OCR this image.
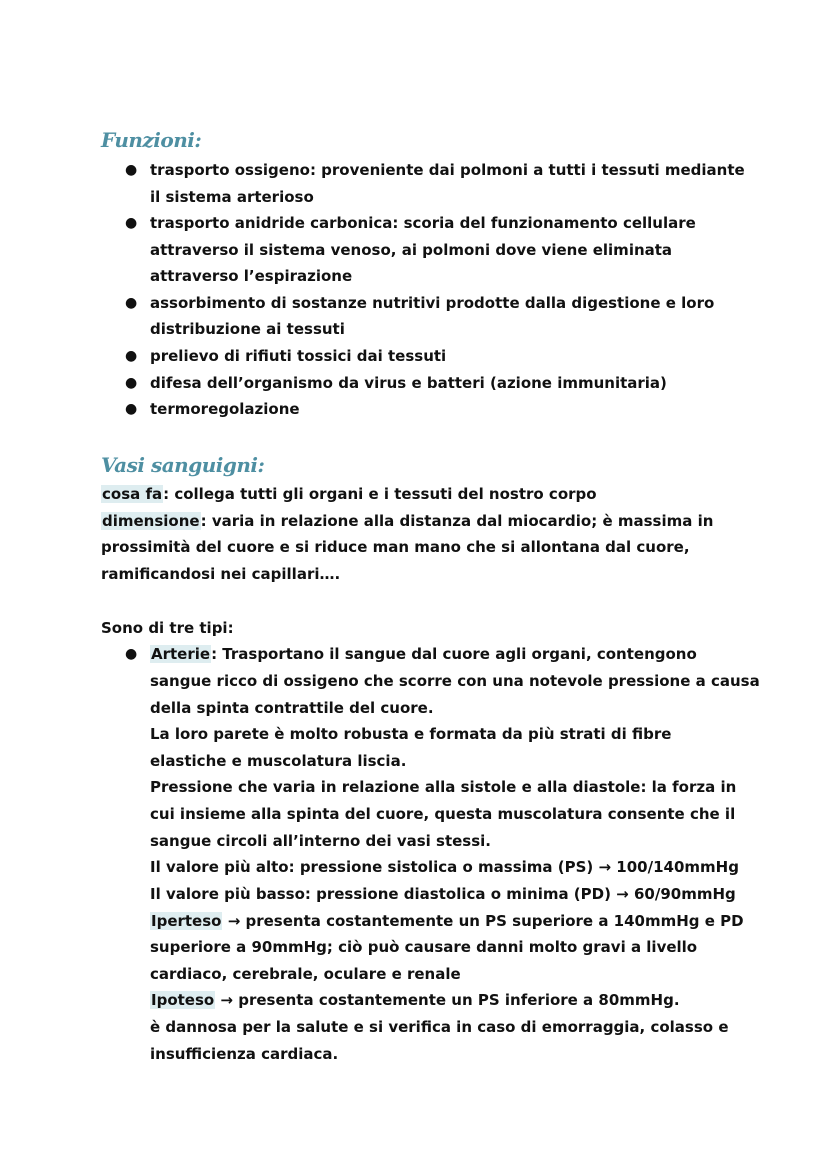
Funzioni:
● trasporto ossigeno: proveniente dai polmoni a tutti i tessuti mediante
il sistema arterioso
● trasporto anidride carbonica: scoria del funzionamento cellulare
attraverso il sistema venoso, ai polmoni dove viene eliminata
attraverso l’espirazione
● assorbimento di sostanze nutritivi prodotte dalla digestione e loro
distribuzione ai tessuti
● prelievo di rifiuti tossici dai tessuti
● difesa dell’organismo da virus e batteri (azione immunitaria)
● termoregolazione
Vasi sanguigni:
cosa fa: collega tutti gli organi e i tessuti del nostro corpo
dimensione: varia in relazione alla distanza dal miocardio; è massima in
prossimità del cuore e si riduce man mano che si allontana dal cuore,
ramificandosi nei capillari….
Sono di tre tipi:
● Arterie: Trasportano il sangue dal cuore agli organi, contengono
sangue ricco di ossigeno che scorre con una notevole pressione a causa
della spinta contrattile del cuore.
La loro parete è molto robusta e formata da più strati di fibre
elastiche e muscolatura liscia.
Pressione che varia in relazione alla sistole e alla diastole: la forza in
cui insieme alla spinta del cuore, questa muscolatura consente che il
sangue circoli all’interno dei vasi stessi.
Il valore più alto: pressione sistolica o massima (PS) → 100/140mmHg
Il valore più basso: pressione diastolica o minima (PD) → 60/90mmHg
Iperteso → presenta costantemente un PS superiore a 140mmHg e PD
superiore a 90mmHg; ciò può causare danni molto gravi a livello
cardiaco, cerebrale, oculare e renale
Ipoteso → presenta costantemente un PS inferiore a 80mmHg.
è dannosa per la salute e si verifica in caso di emorraggia, colasso e
insufficienza cardiaca.
